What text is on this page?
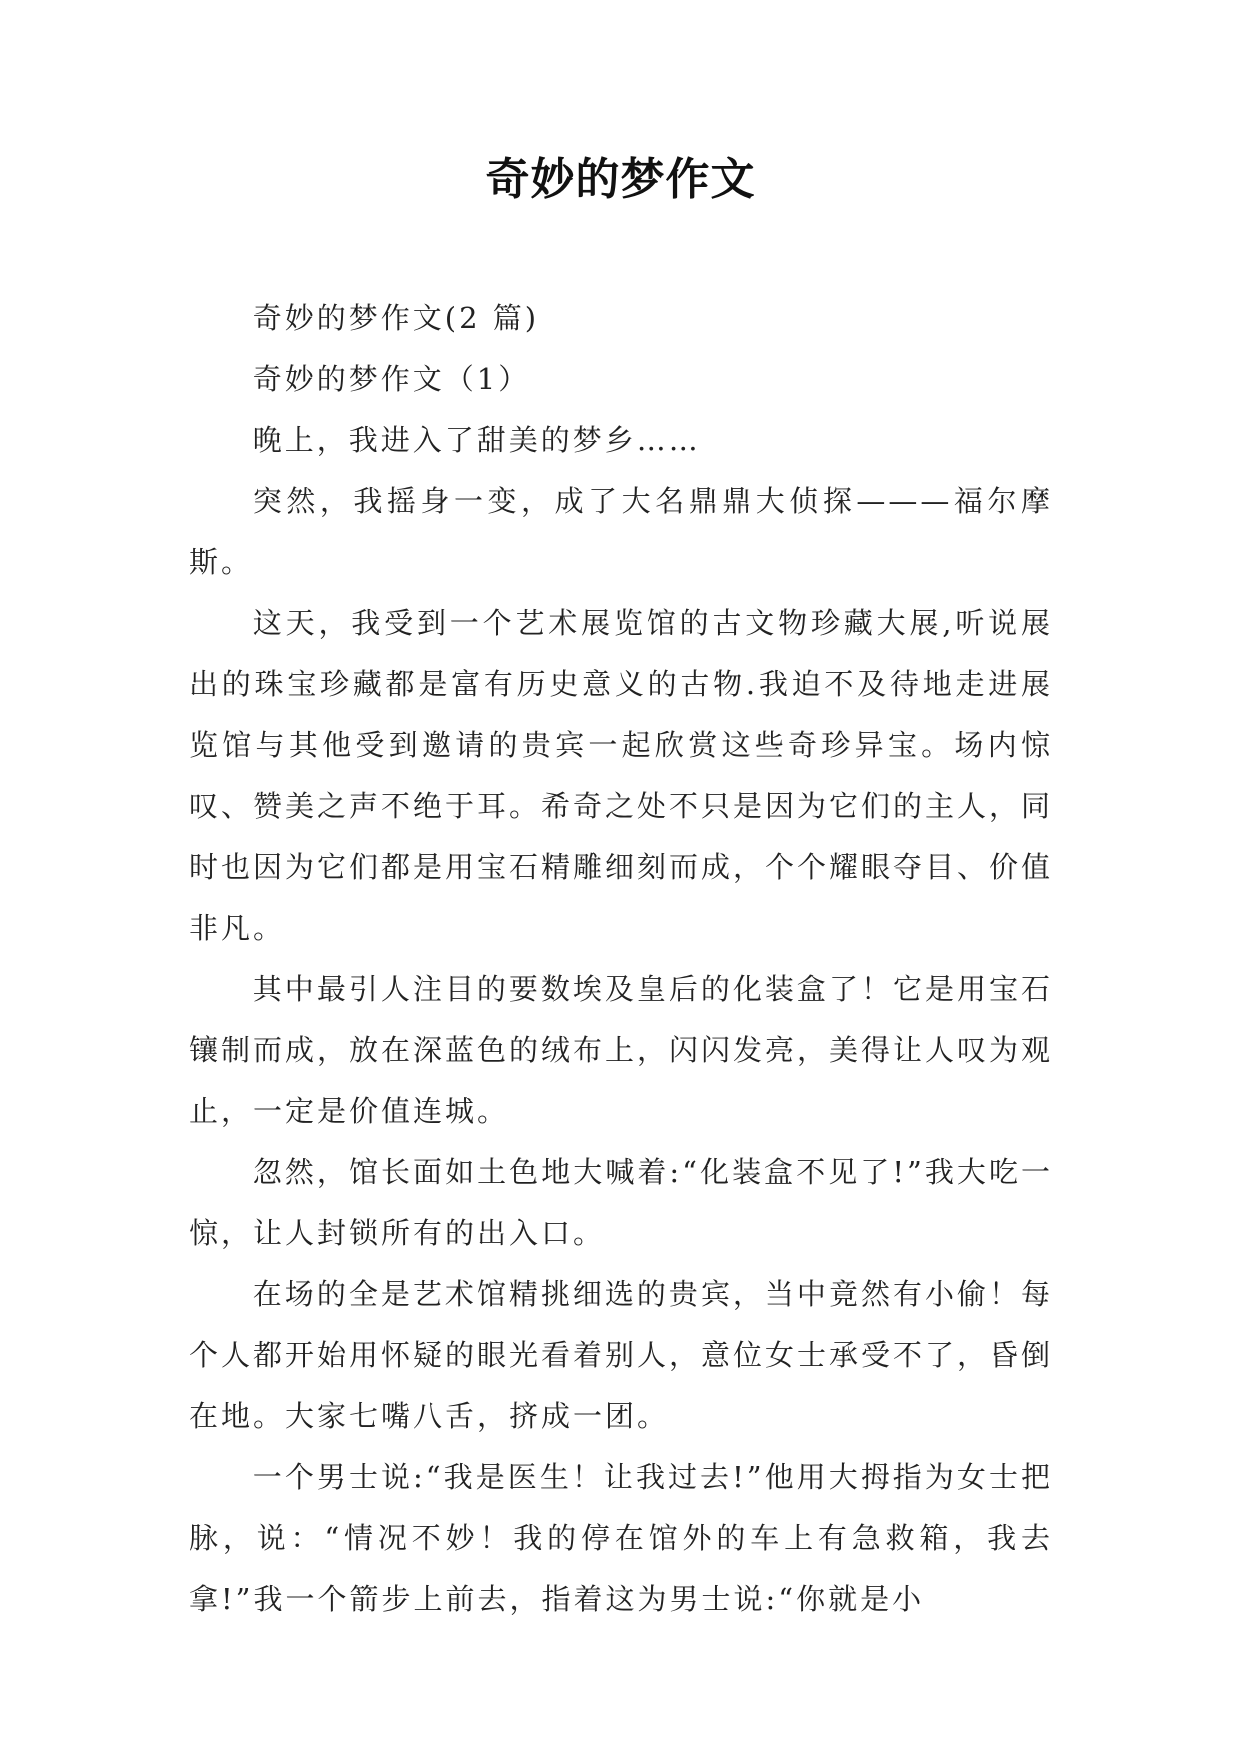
奇妙的梦作文

奇妙的梦作文(2 篇)

奇妙的梦作文（1）

晚上，我进入了甜美的梦乡……

突然，我摇身一变，成了大名鼎鼎大侦探———福尔摩斯。

这天，我受到一个艺术展览馆的古文物珍藏大展,听说展出的珠宝珍藏都是富有历史意义的古物.我迫不及待地走进展览馆与其他受到邀请的贵宾一起欣赏这些奇珍异宝。场内惊叹、赞美之声不绝于耳。希奇之处不只是因为它们的主人，同时也因为它们都是用宝石精雕细刻而成，个个耀眼夺目、价值非凡。

其中最引人注目的要数埃及皇后的化装盒了！它是用宝石镶制而成，放在深蓝色的绒布上，闪闪发亮，美得让人叹为观止，一定是价值连城。

忽然，馆长面如土色地大喊着:“化装盒不见了!”我大吃一惊，让人封锁所有的出入口。

在场的全是艺术馆精挑细选的贵宾，当中竟然有小偷！每个人都开始用怀疑的眼光看着别人，意位女士承受不了，昏倒在地。大家七嘴八舌，挤成一团。

一个男士说:“我是医生！让我过去!”他用大拇指为女士把脉，说：“情况不妙！我的停在馆外的车上有急救箱，我去拿!”我一个箭步上前去，指着这为男士说:“你就是小
